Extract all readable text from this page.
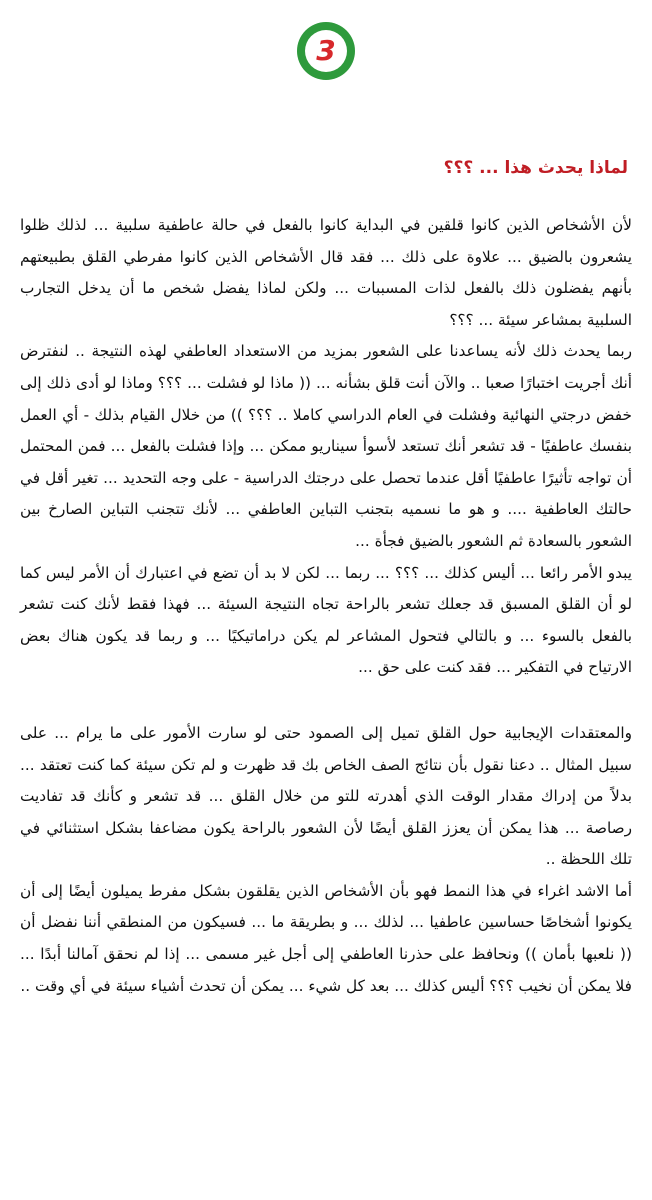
3
لماذا يحدث هذا ... ؟؟؟

لأن الأشخاص الذين كانوا قلقين في البداية كانوا بالفعل في حالة عاطفية سلبية ... لذلك ظلوا يشعرون بالضيق ... علاوة على ذلك ... فقد قال الأشخاص الذين كانوا مفرطي القلق بطبيعتهم بأنهم يفضلون ذلك بالفعل لذات المسببات ... ولكن لماذا يفضل شخص ما أن يدخل التجارب السلبية بمشاعر سيئة ... ؟؟؟

ربما يحدث ذلك لأنه يساعدنا على الشعور بمزيد من الاستعداد العاطفي لهذه النتيجة .. لنفترض أنك أجريت اختبارًا صعبا .. والآن أنت قلق بشأنه ... (( ماذا لو فشلت ... ؟؟؟ وماذا لو أدى ذلك إلى خفض درجتي النهائية وفشلت في العام الدراسي كاملا .. ؟؟؟ )) من خلال القيام بذلك - أي العمل بنفسك عاطفيًا - قد تشعر أنك تستعد لأسوأ سيناريو ممكن ... وإذا فشلت بالفعل ... فمن المحتمل أن تواجه تأثيرًا عاطفيًا أقل عندما تحصل على درجتك الدراسية - على وجه التحديد ... تغير أقل في حالتك العاطفية .... و هو ما نسميه بتجنب التباين العاطفي ... لأنك تتجنب التباين الصارخ بين الشعور بالسعادة ثم الشعور بالضيق فجأة ...

يبدو الأمر رائعا ... أليس كذلك ... ؟؟؟ ... ربما ... لكن لا بد أن تضع في اعتبارك أن الأمر ليس كما لو أن القلق المسبق قد جعلك تشعر بالراحة تجاه النتيجة السيئة ... فهذا فقط لأنك كنت تشعر بالفعل بالسوء ... و بالتالي فتحول المشاعر لم يكن دراماتيكيًا ... و ربما قد يكون هناك بعض الارتياح في التفكير ... فقد كنت على حق ...

والمعتقدات الإيجابية حول القلق تميل إلى الصمود حتى لو سارت الأمور على ما يرام ... على سبيل المثال .. دعنا نقول بأن نتائج الصف الخاص بك قد ظهرت و لم تكن سيئة كما كنت تعتقد ... بدلاً من إدراك مقدار الوقت الذي أهدرته للتو من خلال القلق ... قد تشعر و كأنك قد تفاديت رصاصة ... هذا يمكن أن يعزز القلق أيضًا لأن الشعور بالراحة يكون مضاعفا بشكل استثنائي في تلك اللحظة ..

أما الاشد اغراء في هذا النمط فهو بأن الأشخاص الذين يقلقون بشكل مفرط يميلون أيضًا إلى أن يكونوا أشخاصًا حساسين عاطفيا ... لذلك ... و بطريقة ما ... فسيكون من المنطقي أننا نفضل أن (( نلعبها بأمان )) ونحافظ على حذرنا العاطفي إلى أجل غير مسمى ... إذا لم نحقق آمالنا أبدًا ... فلا يمكن أن نخيب ؟؟؟ أليس كذلك ... بعد كل شيء ... يمكن أن تحدث أشياء سيئة في أي وقت ..
